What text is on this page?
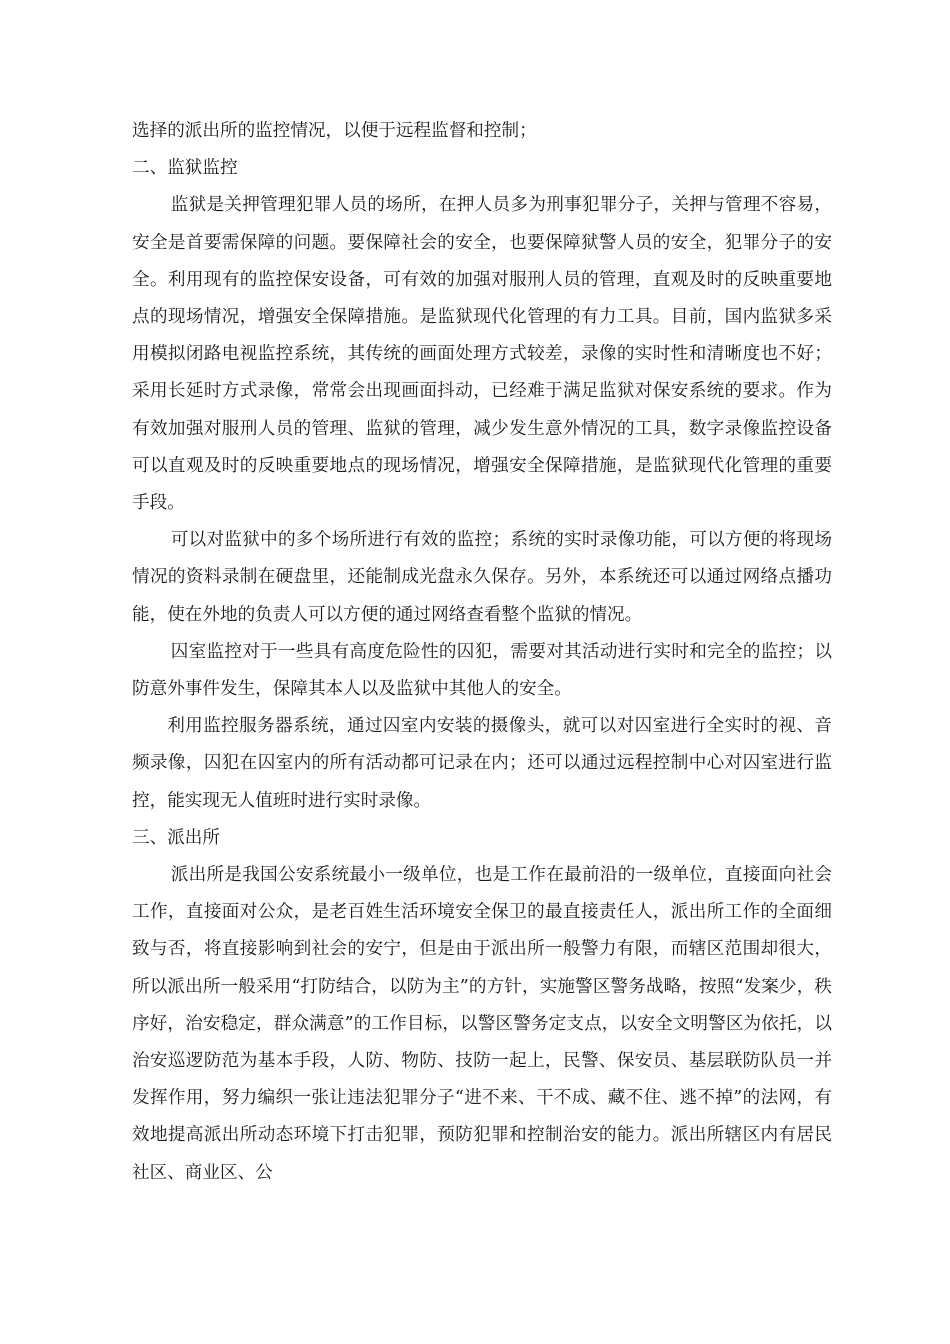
选择的派出所的监控情况，以便于远程监督和控制；

二、监狱监控

监狱是关押管理犯罪人员的场所，在押人员多为刑事犯罪分子，关押与管理不容易，安全是首要需保障的问题。要保障社会的安全，也要保障狱警人员的安全，犯罪分子的安全。利用现有的监控保安设备，可有效的加强对服刑人员的管理，直观及时的反映重要地点的现场情况，增强安全保障措施。是监狱现代化管理的有力工具。目前，国内监狱多采用模拟闭路电视监控系统，其传统的画面处理方式较差，录像的实时性和清晰度也不好；采用长延时方式录像，常常会出现画面抖动，已经难于满足监狱对保安系统的要求。作为有效加强对服刑人员的管理、监狱的管理，减少发生意外情况的工具，数字录像监控设备可以直观及时的反映重要地点的现场情况，增强安全保障措施，是监狱现代化管理的重要手段。

可以对监狱中的多个场所进行有效的监控；系统的实时录像功能，可以方便的将现场情况的资料录制在硬盘里，还能制成光盘永久保存。另外，本系统还可以通过网络点播功能，使在外地的负责人可以方便的通过网络查看整个监狱的情况。

囚室监控对于一些具有高度危险性的囚犯，需要对其活动进行实时和完全的监控；以防意外事件发生，保障其本人以及监狱中其他人的安全。

利用监控服务器系统，通过囚室内安装的摄像头，就可以对囚室进行全实时的视、音频录像，囚犯在囚室内的所有活动都可记录在内；还可以通过远程控制中心对囚室进行监控，能实现无人值班时进行实时录像。

三、派出所

派出所是我国公安系统最小一级单位，也是工作在最前沿的一级单位，直接面向社会工作，直接面对公众，是老百姓生活环境安全保卫的最直接责任人，派出所工作的全面细致与否，将直接影响到社会的安宁，但是由于派出所一般警力有限，而辖区范围却很大，所以派出所一般采用“打防结合，以防为主”的方针，实施警区警务战略，按照“发案少，秩序好，治安稳定，群众满意”的工作目标，以警区警务定支点，以安全文明警区为依托，以治安巡逻防范为基本手段，人防、物防、技防一起上，民警、保安员、基层联防队员一并发挥作用，努力编织一张让违法犯罪分子“进不来、干不成、藏不住、逃不掉”的法网，有效地提高派出所动态环境下打击犯罪，预防犯罪和控制治安的能力。派出所辖区内有居民社区、商业区、公
